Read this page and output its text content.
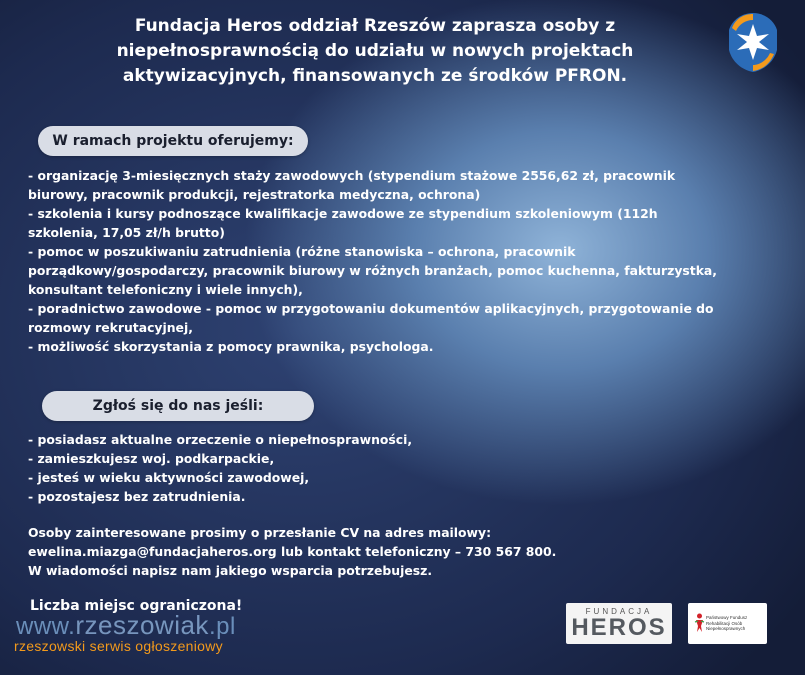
Fundacja Heros oddział Rzeszów zaprasza osoby z niepełnosprawnością do udziału w nowych projektach aktywizacyjnych, finansowanych ze środków PFRON.
W ramach projektu oferujemy:
- organizację 3-miesięcznych staży zawodowych (stypendium stażowe 2556,62 zł, pracownik biurowy, pracownik produkcji, rejestratorka medyczna, ochrona)
- szkolenia i kursy podnoszące kwalifikacje zawodowe ze stypendium szkoleniowym (112h szkolenia, 17,05 zł/h brutto)
- pomoc w poszukiwaniu zatrudnienia (różne stanowiska – ochrona, pracownik porządkowy/gospodarczy, pracownik biurowy w różnych branżach, pomoc kuchenna, fakturzystka, konsultant telefoniczny i wiele innych),
- poradnictwo zawodowe - pomoc w przygotowaniu dokumentów aplikacyjnych, przygotowanie do rozmowy rekrutacyjnej,
- możliwość skorzystania z pomocy prawnika, psychologa.
Zgłoś się do nas jeśli:
- posiadasz aktualne orzeczenie o niepełnosprawności,
- zamieszkujesz woj. podkarpackie,
- jesteś w wieku aktywności zawodowej,
- pozostajesz bez zatrudnienia.
Osoby zainteresowane prosimy o przesłanie CV na adres mailowy:
ewelina.miazga@fundacjaheros.org lub kontakt telefoniczny – 730 567 800.
W wiadomości napisz nam jakiego wsparcia potrzebujesz.
Liczba miejsc ograniczona!
www.rzeszowiak.pl
rzeszowski serwis ogłoszeniowy
FUNDACJA
HEROS	Państwowy Fundusz Rehabilitacji Osób Niepełnosprawnych
